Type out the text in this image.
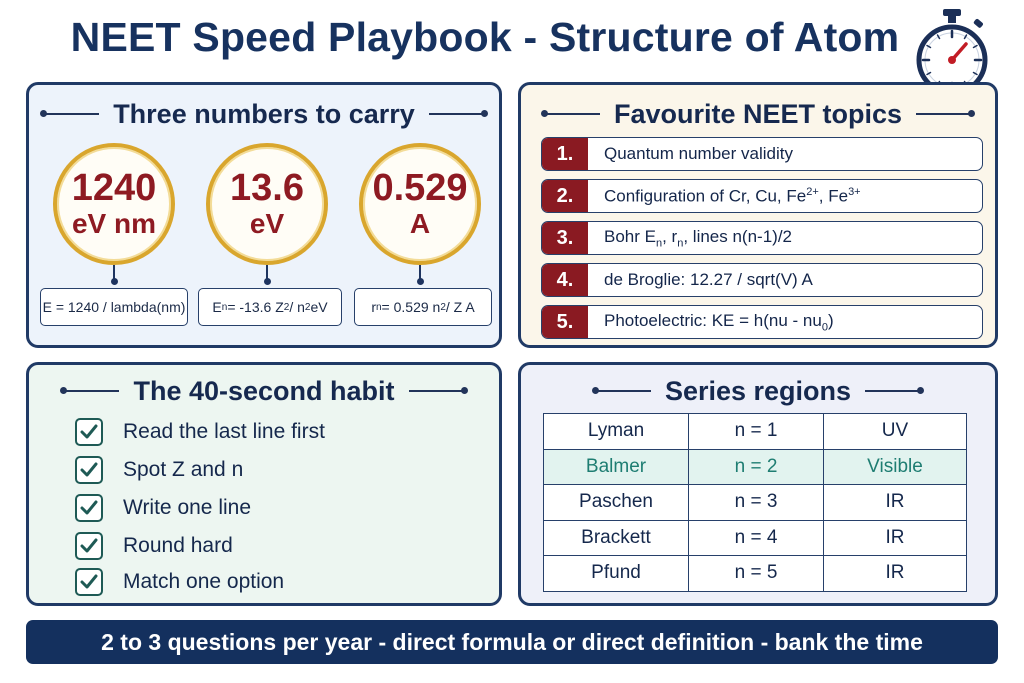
NEET Speed Playbook - Structure of Atom
Three numbers to carry
1240
eV nm
13.6
eV
0.529
A
E = 1240 / lambda(nm) E n = -13.6 Z 2 / n 2 eV	r n = 0.529 n 2 / Z A
Favourite NEET topics
1.	Quantum number validity
2.	Configuration of Cr, Cu, $Fe^{2+}$, $Fe^{3+}$
3.	Bohr $E_n$, $r_n$, lines n(n-1)/2
4.	de Broglie: 12.27 / sqrt(V) A
5.	Photoelectric: KE = $h(nu - nu_0)$
The 40-second habit
Read the last line first
Spot Z and n
Write one line
Round hard
Match one option
Series regions
Lyman	n = 1	UV
Balmer	n = 2	Visible
Paschen	n = 3	IR
Brackett	n = 4	IR
Pfund	n = 5	IR
2 to 3 questions per year - direct formula or direct definition - bank the time
